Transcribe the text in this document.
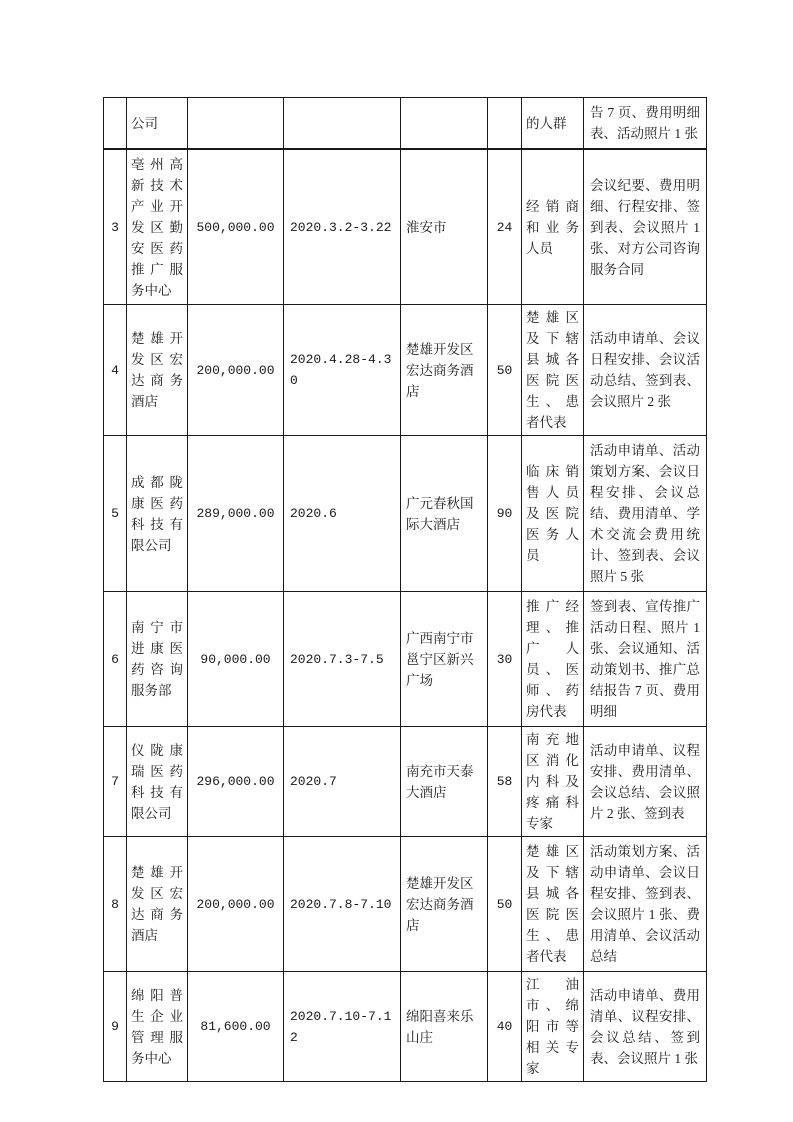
	公司					的人群	告 7 页、费用明细表、活动照片 1 张
3	亳州高新技术产业开发区勤安医药推广服务中心	500,000.00	2020.3.2-3.22	淮安市	24	经销商和业务人员	会议纪要、费用明细、行程安排、签到表、会议照片 1 张、对方公司咨询服务合同
4	楚雄开发区宏达商务酒店	200,000.00	2020.4.28-4.30	楚雄开发区宏达商务酒店	50	楚雄区及下辖县城各医院医生、患者代表	活动申请单、会议日程安排、会议活动总结、签到表、会议照片 2 张
5	成都陇康医药科技有限公司	289,000.00	2020.6	广元春秋国际大酒店	90	临床销售人员及医院医务人员	活动申请单、活动策划方案、会议日程安排、会议总结、费用清单、学术交流会费用统计、签到表、会议照片 5 张
6	南宁市进康医药咨询服务部	90,000.00	2020.7.3-7.5	广西南宁市邕宁区新兴广场	30	推广经理、推广人员、医师、药房代表	签到表、宣传推广活动日程、照片 1 张、会议通知、活动策划书、推广总结报告 7 页、费用明细
7	仪陇康瑞医药科技有限公司	296,000.00	2020.7	南充市天泰大酒店	58	南充地区消化内科及疼痛科专家	活动申请单、议程安排、费用清单、会议总结、会议照片 2 张、签到表
8	楚雄开发区宏达商务酒店	200,000.00	2020.7.8-7.10	楚雄开发区宏达商务酒店	50	楚雄区及下辖县城各医院医生、患者代表	活动策划方案、活动申请单、会议日程安排、签到表、会议照片 1 张、费用清单、会议活动总结
9	绵阳普生企业管理服务中心	81,600.00	2020.7.10-7.12	绵阳喜来乐山庄	40	江油市、绵阳市等相关专家	活动申请单、费用清单、议程安排、会议总结、签到表、会议照片 1 张
